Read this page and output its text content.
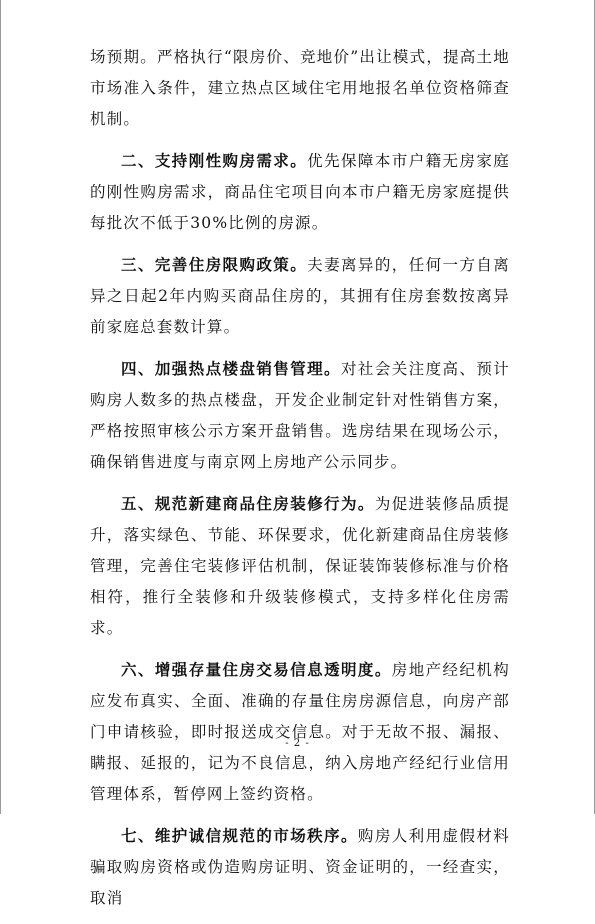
场预期。严格执行“限房价、竞地价”出让模式，提高土地市场准入条件，建立热点区域住宅用地报名单位资格筛查机制。

二、支持刚性购房需求。优先保障本市户籍无房家庭的刚性购房需求，商品住宅项目向本市户籍无房家庭提供每批次不低于30%比例的房源。

三、完善住房限购政策。夫妻离异的，任何一方自离异之日起2年内购买商品住房的，其拥有住房套数按离异前家庭总套数计算。

四、加强热点楼盘销售管理。对社会关注度高、预计购房人数多的热点楼盘，开发企业制定针对性销售方案，严格按照审核公示方案开盘销售。选房结果在现场公示，确保销售进度与南京网上房地产公示同步。

五、规范新建商品住房装修行为。为促进装修品质提升，落实绿色、节能、环保要求，优化新建商品住房装修管理，完善住宅装修评估机制，保证装饰装修标准与价格相符，推行全装修和升级装修模式，支持多样化住房需求。

六、增强存量住房交易信息透明度。房地产经纪机构应发布真实、全面、准确的存量住房房源信息，向房产部门申请核验，即时报送成交信息。对于无故不报、漏报、瞒报、延报的，记为不良信息，纳入房地产经纪行业信用管理体系，暂停网上签约资格。

七、维护诚信规范的市场秩序。购房人利用虚假材料骗取购房资格或伪造购房证明、资金证明的，一经查实，取消

- 2 -
